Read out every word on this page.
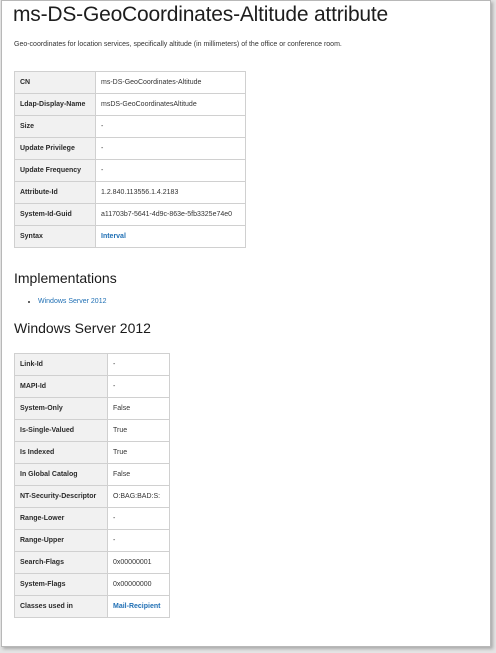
ms-DS-GeoCoordinates-Altitude attribute

Geo-coordinates for location services, specifically altitude (in millimeters) of the office or conference room.

CN	ms-DS-GeoCoordinates-Altitude
Ldap-Display-Name	msDS-GeoCoordinatesAltitude
Size	-
Update Privilege	-
Update Frequency	-
Attribute-Id	1.2.840.113556.1.4.2183
System-Id-Guid	a11703b7-5641-4d9c-863e-5fb3325e74e0
Syntax	Interval
Implementations
• Windows Server 2012
Windows Server 2012
Link-Id	-
MAPI-Id	-
System-Only	False
Is-Single-Valued	True
Is Indexed	True
In Global Catalog	False
NT-Security-Descriptor	O:BAG:BAD:S:
Range-Lower	-
Range-Upper	-
Search-Flags	0x00000001
System-Flags	0x00000000
Classes used in	Mail-Recipient
